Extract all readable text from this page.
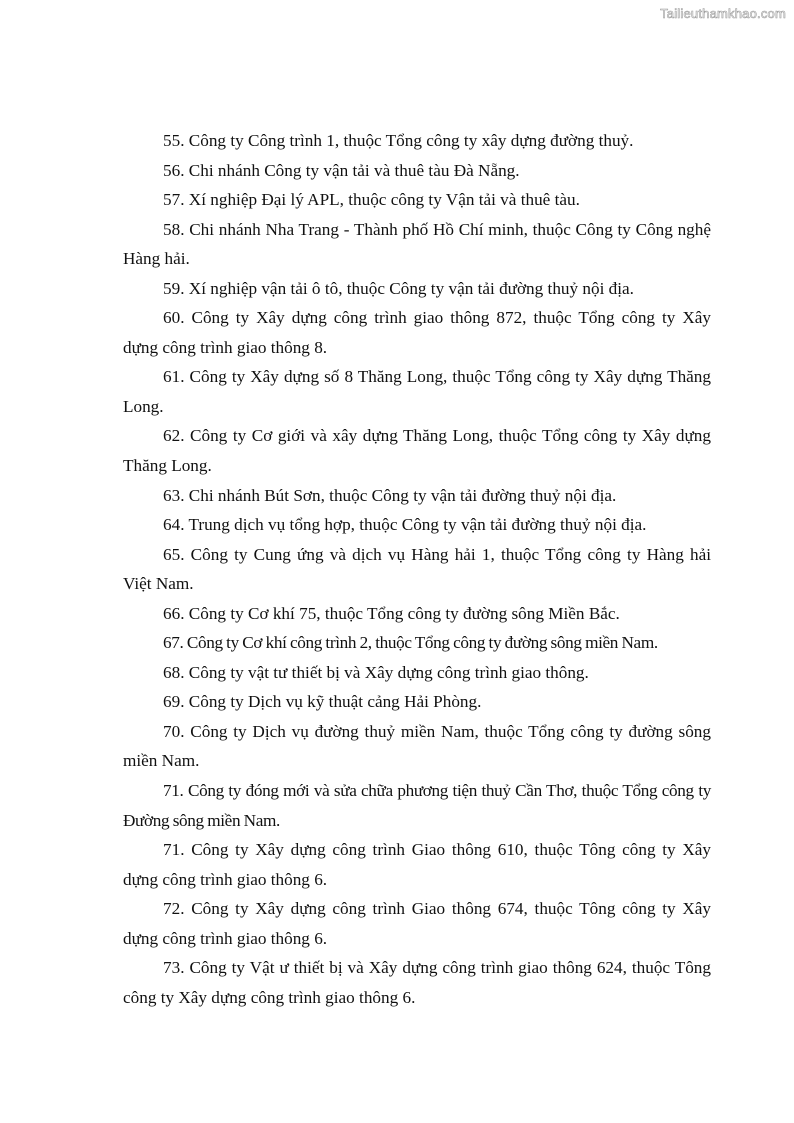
Tailieuthamkhao.com

55. Công ty Công trình 1, thuộc Tổng công ty xây dựng đường thuỷ.

56. Chi nhánh Công ty vận tải và thuê tàu Đà Nẵng.

57. Xí nghiệp Đại lý APL, thuộc công ty Vận tải và thuê tàu.

58. Chi nhánh Nha Trang - Thành phố Hồ Chí minh, thuộc Công ty Công nghệ Hàng hải.

59. Xí nghiệp vận tải ô tô, thuộc Công ty vận tải đường thuỷ nội địa.

60. Công ty Xây dựng công trình giao thông 872, thuộc Tổng công ty Xây dựng công trình giao thông 8.

61. Công ty Xây dựng số 8 Thăng Long, thuộc Tổng công ty Xây dựng Thăng Long.

62. Công ty Cơ giới và xây dựng Thăng Long, thuộc Tổng công ty Xây dựng Thăng Long.

63. Chi nhánh Bút Sơn, thuộc Công ty vận tải đường thuỷ nội địa.

64. Trung dịch vụ tổng hợp, thuộc Công ty vận tải đường thuỷ nội địa.

65. Công ty Cung ứng và dịch vụ Hàng hải 1, thuộc Tổng công ty Hàng hải Việt Nam.

66. Công ty Cơ khí 75, thuộc Tổng công ty đường sông Miền Bắc.

67. Công ty Cơ khí công trình 2, thuộc Tổng công ty đường sông miền Nam.

68. Công ty vật tư thiết bị và Xây dựng công trình giao thông.

69. Công ty Dịch vụ kỹ thuật cảng Hải Phòng.

70. Công ty Dịch vụ đường thuỷ miền Nam, thuộc Tổng công ty đường sông miền Nam.

71. Công ty đóng mới và sửa chữa phương tiện thuỷ Cần Thơ, thuộc Tổng công ty Đường sông miền Nam.

71. Công ty Xây dựng công trình Giao thông 610, thuộc Tông công ty Xây dựng công trình giao thông 6.

72. Công ty Xây dựng công trình Giao thông 674, thuộc Tông công ty Xây dựng công trình giao thông 6.

73. Công ty Vật ư thiết bị và Xây dựng công trình giao thông 624, thuộc Tông công ty Xây dựng công trình giao thông 6.
